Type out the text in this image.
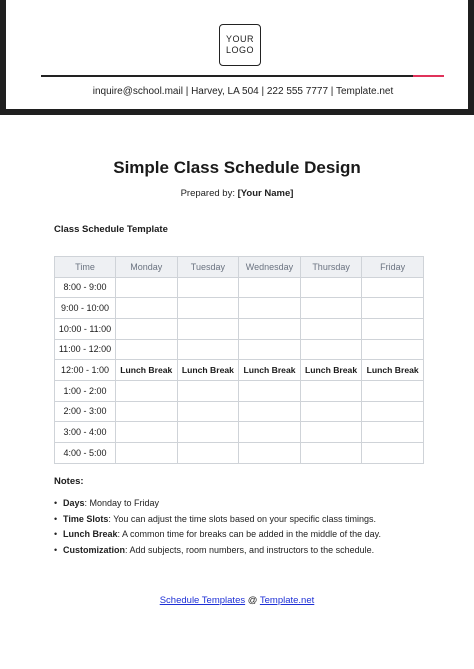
YOUR
LOGO
inquire@school.mail | Harvey, LA 504 | 222 555 7777 | Template.net
Simple Class Schedule Design
Prepared by: [Your Name]
Class Schedule Template
Time	Monday	Tuesday	Wednesday	Thursday	Friday
8:00 - 9:00					
9:00 - 10:00					
10:00 - 11:00					
11:00 - 12:00					
12:00 - 1:00	Lunch Break	Lunch Break	Lunch Break	Lunch Break	Lunch Break
1:00 - 2:00					
2:00 - 3:00					
3:00 - 4:00					
4:00 - 5:00					
Notes:
• Days: Monday to Friday
• Time Slots: You can adjust the time slots based on your specific class timings.
• Lunch Break: A common time for breaks can be added in the middle of the day.
• Customization: Add subjects, room numbers, and instructors to the schedule.
Schedule Templates @ Template.net
